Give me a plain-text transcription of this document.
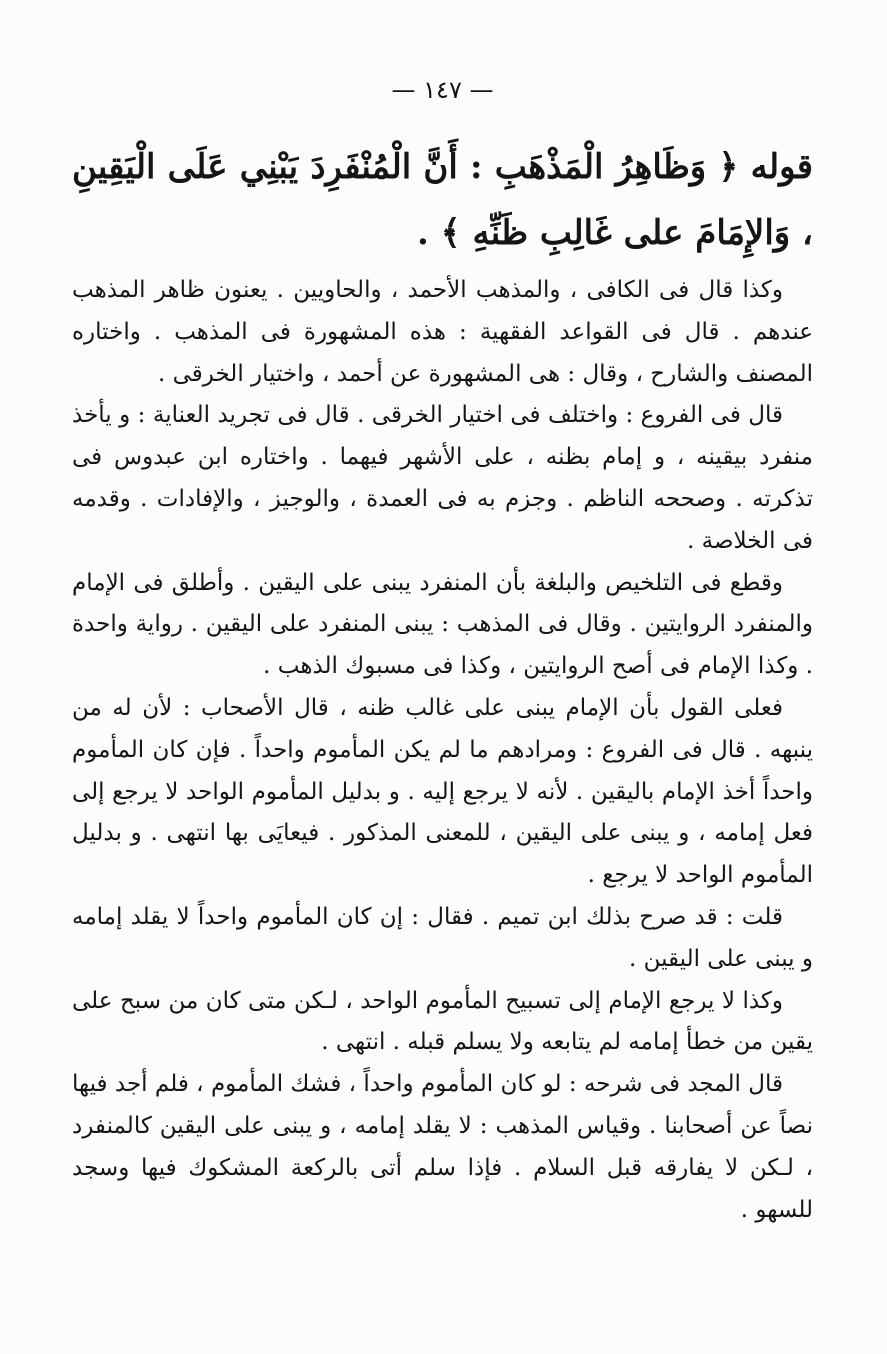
— ١٤٧ —
قوله ﴿ وَظَاهِرُ الْمَذْهَبِ : أَنَّ الْمُنْفَرِدَ يَبْنِي عَلَى الْيَقِينِ ، وَالإِمَامَ على غَالِبِ ظَنِّهِ ﴾ .

وكذا قال فى الكافى ، والمذهب الأحمد ، والحاويين . يعنون ظاهر المذهب عندهم . قال فى القواعد الفقهية : هذه المشهورة فى المذهب . واختاره المصنف والشارح ، وقال : هى المشهورة عن أحمد ، واختيار الخرقى .

قال فى الفروع : واختلف فى اختيار الخرقى . قال فى تجريد العناية : و يأخذ منفرد بيقينه ، و إمام بظنه ، على الأشهر فيهما . واختاره ابن عبدوس فى تذكرته . وصححه الناظم . وجزم به فى العمدة ، والوجيز ، والإفادات . وقدمه فى الخلاصة .

وقطع فى التلخيص والبلغة بأن المنفرد يبنى على اليقين . وأطلق فى الإمام والمنفرد الروايتين . وقال فى المذهب : يبنى المنفرد على اليقين . رواية واحدة . وكذا الإمام فى أصح الروايتين ، وكذا فى مسبوك الذهب .

فعلى القول بأن الإمام يبنى على غالب ظنه ، قال الأصحاب : لأن له من ينبهه . قال فى الفروع : ومرادهم ما لم يكن المأموم واحداً . فإن كان المأموم واحداً أخذ الإمام باليقين . لأنه لا يرجع إليه . و بدليل المأموم الواحد لا يرجع إلى فعل إمامه ، و يبنى على اليقين ، للمعنى المذكور . فيعايَى بها انتهى . و بدليل المأموم الواحد لا يرجع .

قلت : قد صرح بذلك ابن تميم . فقال : إن كان المأموم واحداً لا يقلد إمامه و يبنى على اليقين .

وكذا لا يرجع الإمام إلى تسبيح المأموم الواحد ، لـكن متى كان من سبح على يقين من خطأ إمامه لم يتابعه ولا يسلم قبله . انتهى .

قال المجد فى شرحه : لو كان المأموم واحداً ، فشك المأموم ، فلم أجد فيها نصاً عن أصحابنا . وقياس المذهب : لا يقلد إمامه ، و يبنى على اليقين كالمنفرد ، لـكن لا يفارقه قبل السلام . فإذا سلم أتى بالركعة المشكوك فيها وسجد للسهو .
